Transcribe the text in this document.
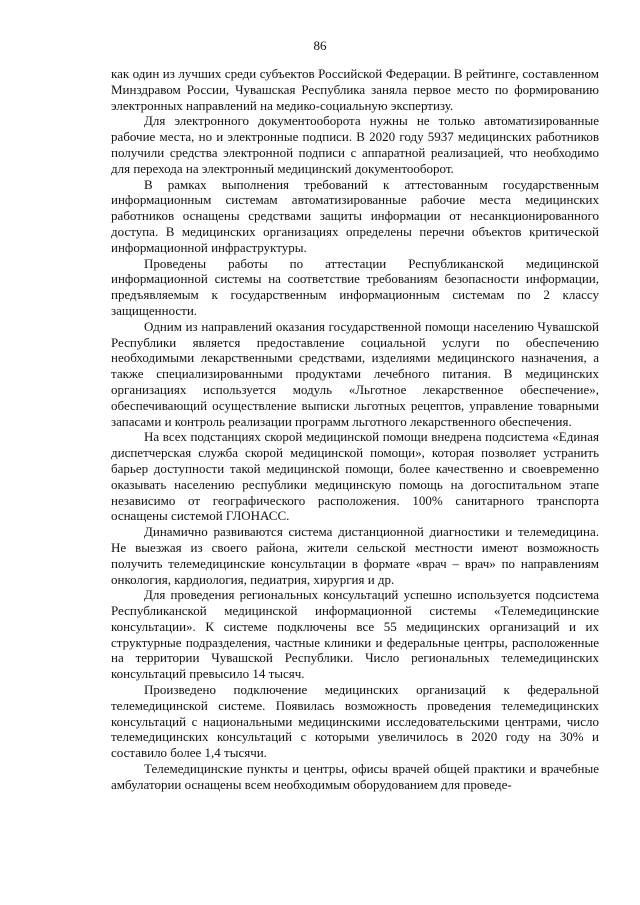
86

как один из лучших среди субъектов Российской Федерации. В рейтинге, составленном Минздравом России, Чувашская Республика заняла первое место по формированию электронных направлений на медико-социальную экспертизу.

Для электронного документооборота нужны не только автоматизированные рабочие места, но и электронные подписи. В 2020 году 5937 медицинских работников получили средства электронной подписи с аппаратной реализацией, что необходимо для перехода на электронный медицинский документооборот.

В рамках выполнения требований к аттестованным государственным информационным системам автоматизированные рабочие места медицинских работников оснащены средствами защиты информации от несанкционированного доступа. В медицинских организациях определены перечни объектов критической информационной инфраструктуры.

Проведены работы по аттестации Республиканской медицинской информационной системы на соответствие требованиям безопасности информации, предъявляемым к государственным информационным системам по 2 классу защищенности.

Одним из направлений оказания государственной помощи населению Чувашской Республики является предоставление социальной услуги по обеспечению необходимыми лекарственными средствами, изделиями медицинского назначения, а также специализированными продуктами лечебного питания. В медицинских организациях используется модуль «Льготное лекарственное обеспечение», обеспечивающий осуществление выписки льготных рецептов, управление товарными запасами и контроль реализации программ льготного лекарственного обеспечения.

На всех подстанциях скорой медицинской помощи внедрена подсистема «Единая диспетчерская служба скорой медицинской помощи», которая позволяет устранить барьер доступности такой медицинской помощи, более качественно и своевременно оказывать населению республики медицинскую помощь на догоспитальном этапе независимо от географического расположения. 100% санитарного транспорта оснащены системой ГЛОНАСС.

Динамично развиваются система дистанционной диагностики и телемедицина. Не выезжая из своего района, жители сельской местности имеют возможность получить телемедицинские консультации в формате «врач – врач» по направлениям онкология, кардиология, педиатрия, хирургия и др.

Для проведения региональных консультаций успешно используется подсистема Республиканской медицинской информационной системы «Телемедицинские консультации». К системе подключены все 55 медицинских организаций и их структурные подразделения, частные клиники и федеральные центры, расположенные на территории Чувашской Республики. Число региональных телемедицинских консультаций превысило 14 тысяч.

Произведено подключение медицинских организаций к федеральной телемедицинской системе. Появилась возможность проведения телемедицинских консультаций с национальными медицинскими исследовательскими центрами, число телемедицинских консультаций с которыми увеличилось в 2020 году на 30% и составило более 1,4 тысячи.

Телемедицинские пункты и центры, офисы врачей общей практики и врачебные амбулатории оснащены всем необходимым оборудованием для проведе-
